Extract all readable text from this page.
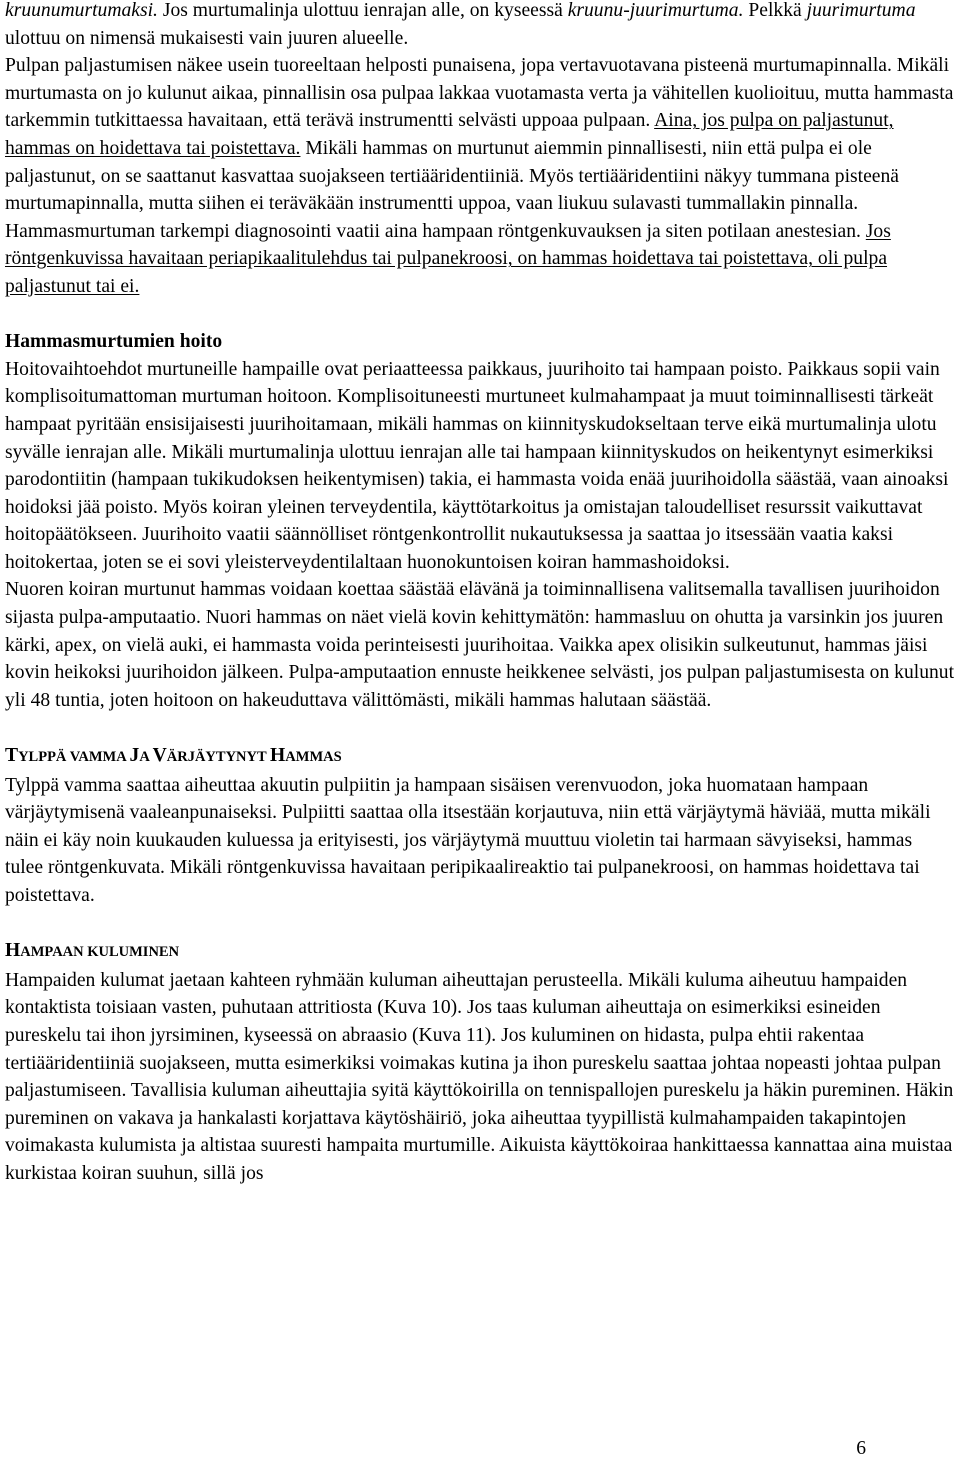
kruunumurtumaksi. Jos murtumalinja ulottuu ienrajan alle, on kyseessä kruunu-juurimurtuma. Pelkkä juurimurtuma ulottuu on nimensä mukaisesti vain juuren alueelle.

Pulpan paljastumisen näkee usein tuoreeltaan helposti punaisena, jopa vertavuotavana pisteenä murtumapinnalla. Mikäli murtumasta on jo kulunut aikaa, pinnallisin osa pulpaa lakkaa vuotamasta verta ja vähitellen kuolioituu, mutta hammasta tarkemmin tutkittaessa havaitaan, että terävä instrumentti selvästi uppoaa pulpaan. Aina, jos pulpa on paljastunut, hammas on hoidettava tai poistettava. Mikäli hammas on murtunut aiemmin pinnallisesti, niin että pulpa ei ole paljastunut, on se saattanut kasvattaa suojakseen tertiääridentiiniä. Myös tertiääridentiini näkyy tummana pisteenä murtumapinnalla, mutta siihen ei teräväkään instrumentti uppoa, vaan liukuu sulavasti tummallakin pinnalla.

Hammasmurtuman tarkempi diagnosointi vaatii aina hampaan röntgenkuvauksen ja siten potilaan anestesian. Jos röntgenkuvissa havaitaan periapikaalitulehdus tai pulpanekroosi, on hammas hoidettava tai poistettava, oli pulpa paljastunut tai ei.

Hammasmurtumien hoito

Hoitovaihtoehdot murtuneille hampaille ovat periaatteessa paikkaus, juurihoito tai hampaan poisto. Paikkaus sopii vain komplisoitumattoman murtuman hoitoon. Komplisoituneesti murtuneet kulmahampaat ja muut toiminnallisesti tärkeät hampaat pyritään ensisijaisesti juurihoitamaan, mikäli hammas on kiinnityskudokseltaan terve eikä murtumalinja ulotu syvälle ienrajan alle. Mikäli murtumalinja ulottuu ienrajan alle tai hampaan kiinnityskudos on heikentynyt esimerkiksi parodontiitin (hampaan tukikudoksen heikentymisen) takia, ei hammasta voida enää juurihoidolla säästää, vaan ainoaksi hoidoksi jää poisto. Myös koiran yleinen terveydentila, käyttötarkoitus ja omistajan taloudelliset resurssit vaikuttavat hoitopäätökseen. Juurihoito vaatii säännölliset röntgenkontrollit nukautuksessa ja saattaa jo itsessään vaatia kaksi hoitokertaa, joten se ei sovi yleisterveydentilaltaan huonokuntoisen koiran hammashoidoksi.

Nuoren koiran murtunut hammas voidaan koettaa säästää elävänä ja toiminnallisena valitsemalla tavallisen juurihoidon sijasta pulpa-amputaatio. Nuori hammas on näet vielä kovin kehittymätön: hammasluu on ohutta ja varsinkin jos juuren kärki, apex, on vielä auki, ei hammasta voida perinteisesti juurihoitaa. Vaikka apex olisikin sulkeutunut, hammas jäisi kovin heikoksi juurihoidon jälkeen. Pulpa-amputaation ennuste heikkenee selvästi, jos pulpan paljastumisesta on kulunut yli 48 tuntia, joten hoitoon on hakeuduttava välittömästi, mikäli hammas halutaan säästää.

TYLPPÄ VAMMA JA VÄRJÄYTYNYT HAMMAS

Tylppä vamma saattaa aiheuttaa akuutin pulpiitin ja hampaan sisäisen verenvuodon, joka huomataan hampaan värjäytymisenä vaaleanpunaiseksi. Pulpiitti saattaa olla itsestään korjautuva, niin että värjäytymä häviää, mutta mikäli näin ei käy noin kuukauden kuluessa ja erityisesti, jos värjäytymä muuttuu violetin tai harmaan sävyiseksi, hammas tulee röntgenkuvata. Mikäli röntgenkuvissa havaitaan peripikaalireaktio tai pulpanekroosi, on hammas hoidettava tai poistettava.

HAMPAAN KULUMINEN

Hampaiden kulumat jaetaan kahteen ryhmään kuluman aiheuttajan perusteella. Mikäli kuluma aiheutuu hampaiden kontaktista toisiaan vasten, puhutaan attritiosta (Kuva 10). Jos taas kuluman aiheuttaja on esimerkiksi esineiden pureskelu tai ihon jyrsiminen, kyseessä on abraasio (Kuva 11). Jos kuluminen on hidasta, pulpa ehtii rakentaa tertiääridentiiniä suojakseen, mutta esimerkiksi voimakas kutina ja ihon pureskelu saattaa johtaa nopeasti johtaa pulpan paljastumiseen. Tavallisia kuluman aiheuttajia syitä käyttökoirilla on tennispallojen pureskelu ja häkin pureminen. Häkin pureminen on vakava ja hankalasti korjattava käytöshäiriö, joka aiheuttaa tyypillistä kulmahampaiden takapintojen voimakasta kulumista ja altistaa suuresti hampaita murtumille. Aikuista käyttökoiraa hankittaessa kannattaa aina muistaa kurkistaa koiran suuhun, sillä jos

6
